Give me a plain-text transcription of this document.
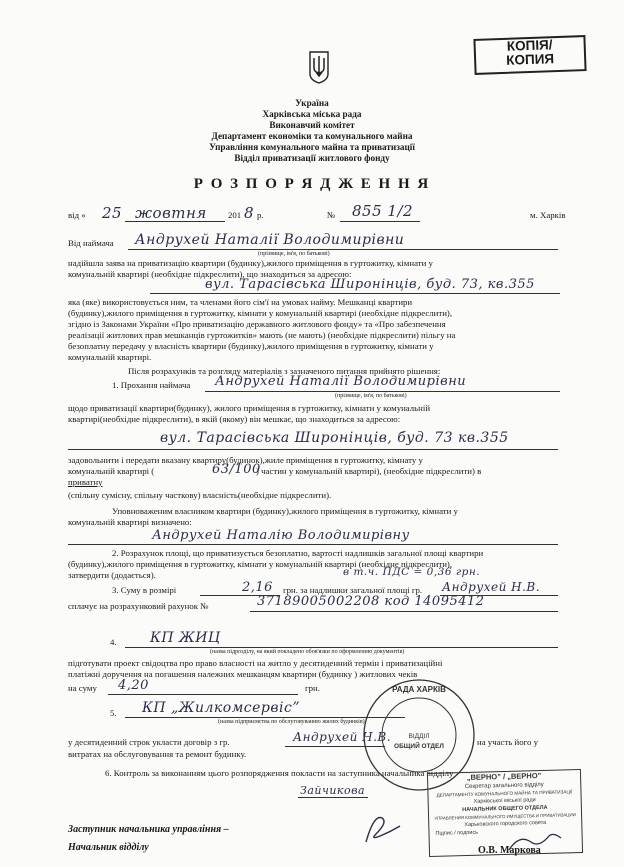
КОПІЯ/
КОПИЯ
Україна
Харківська міська рада
Виконавчий комітет
Департамент економіки та комунального майна
Управління комунального майна та приватизації
Відділ приватизації житлового фонду
Р О З П О Р Я Д Ж Е Н Н Я
від « 25 жовтня 201 8 р.	№ 855 1/2	м. Харків
Від наймача Андрухей Наталії Володимирівни
(прізвище, ім'я, по батькові)
надійшла заява на приватизацію квартири (будинку),жилого приміщення в гуртожитку, кімнати у
комунальній квартирі (необхідне підкреслити), що знаходиться за адресою:
вул. Тарасівська Широнінців, буд. 73, кв.355
яка (яке) використовується ним, та членами його сім'ї на умовах найму. Мешканці квартири
(будинку),жилого приміщення в гуртожитку, кімнати у комунальній квартирі (необхідне підкреслити),
згідно із Законами України «Про приватизацію державного житлового фонду» та «Про забезпечення
реалізації житлових прав мешканців гуртожитків» мають (не мають) (необхідне підкреслити) пільгу на
безоплатну передачу у власність квартири (будинку),жилого приміщення в гуртожитку, кімнати у
комунальній квартирі.
Після розрахунків та розгляду матеріалів з зазначеного питання прийнято рішення:
1. Прохання наймача Андрухей Наталії Володимирівни
(прізвище, ім'я, по батькові)
щодо приватизації квартири(будинку), жилого приміщення в гуртожитку, кімнати у комунальній
квартирі(необхідне підкреслити), в якій (якому) він мешкає, що знаходиться за адресою:
вул. Тарасівська Широнінців, буд. 73 кв.355
задовольнити і передати вказану квартиру(будинок),жиле приміщення в гуртожитку, кімнату у
комунальній квартирі (	63/100
) частин у комунальній квартирі), (необхідне підкреслити) в
приватну
(спільну сумісну, спільну часткову) власність(необхідне підкреслити).
Уповноваженим власником квартири (будинку),жилого приміщення в гуртожитку, кімнати у
комунальній квартирі визначено:
Андрухей Наталію Володимирівну
2. Розрахунок площі, що приватизується безоплатно, вартості надлишків загальної площі квартири
(будинку),жилого приміщення в гуртожитку, кімнати у комунальній квартирі (необхідне підкреслити),
затвердити (додається).	в т.ч. ПДС = 0,36 грн.
3. Суму в розмірі	2,16 грн. за надлишки загальної площі гр. Андрухей Н.В.
сплачує на розрахунковий рахунок №	37189005002208 код 14095412
4. КП ЖИЦ
(назва підрозділу, на який покладено обов'язки по оформленню документів)
підготувати проект свідоцтва про право власності на житло у десятиденний термін і приватизаційні
платіжні доручення на погашення належних мешканцям квартири (будинку ) житлових чеків
на суму 4,20	грн.
5. КП „Жилкомсервіс”
(назва підприємства по обслуговуванню жилих будинків)
у десятиденний строк укласти договір з гр.	Андрухей Н.В.	на участь його у
витратах на обслуговування та ремонт будинку.
6. Контроль за виконанням цього розпорядження покласти на заступника начальника відділу
Зайчикова
РАДА ХАРКІВ
ВІДДІЛ
ОБЩИЙ ОТДЕЛ
„ВЕРНО” / „ВЕРНО”
Секретар загального відділу
ДЕПАРТАМЕНТУ КОМУНАЛЬНОГО МАЙНА ТА ПРИВАТИЗАЦІЇ
Харківської міської ради
НАЧАЛЬНИК ОБЩЕГО ОТДЕЛА
УПРАВЛЕНИЯ КОММУНАЛЬНОГО ИМУЩЕСТВА И ПРИВАТИЗАЦИИ
Харьковского городского совета
Підпис / подпись
Заступник начальника управління –
Начальник відділу	О.В. Маркова
